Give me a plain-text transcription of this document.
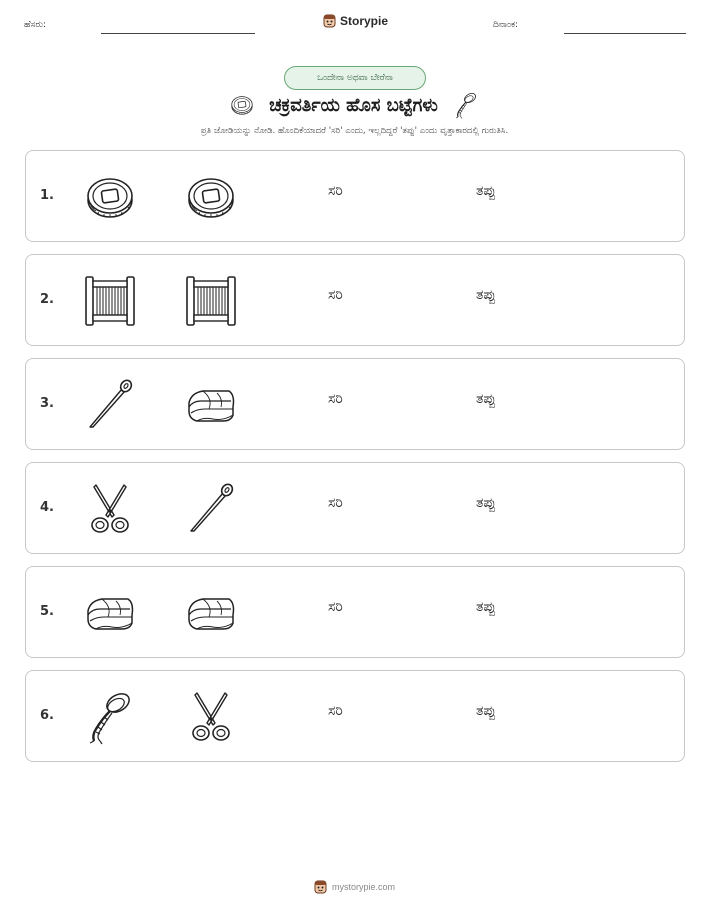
ಹೆಸರು:	Storypie	ದಿನಾಂಕ:
ಒಂದೇನಾ ಅಥವಾ ಬೇರೆನಾ
ಚಕ್ರವರ್ತಿಯ ಹೊಸ ಬಟ್ಟೆಗಳು
ಪ್ರತಿ ಜೋಡಿಯನ್ನು ನೋಡಿ. ಹೊಂದಿಕೆಯಾದರೆ 'ಸರಿ' ಎಂದು, ಇಲ್ಲದಿದ್ದರೆ 'ತಪ್ಪು' ಎಂದು ವೃತ್ತಾಕಾರದಲ್ಲಿ ಗುರುತಿಸಿ.
1.	ಸರಿ	ತಪ್ಪು
2.	ಸರಿ	ತಪ್ಪು
3.	ಸರಿ	ತಪ್ಪು
4.	ಸರಿ	ತಪ್ಪು
5.	ಸರಿ	ತಪ್ಪು
6.	ಸರಿ	ತಪ್ಪು
mystorypie.com
